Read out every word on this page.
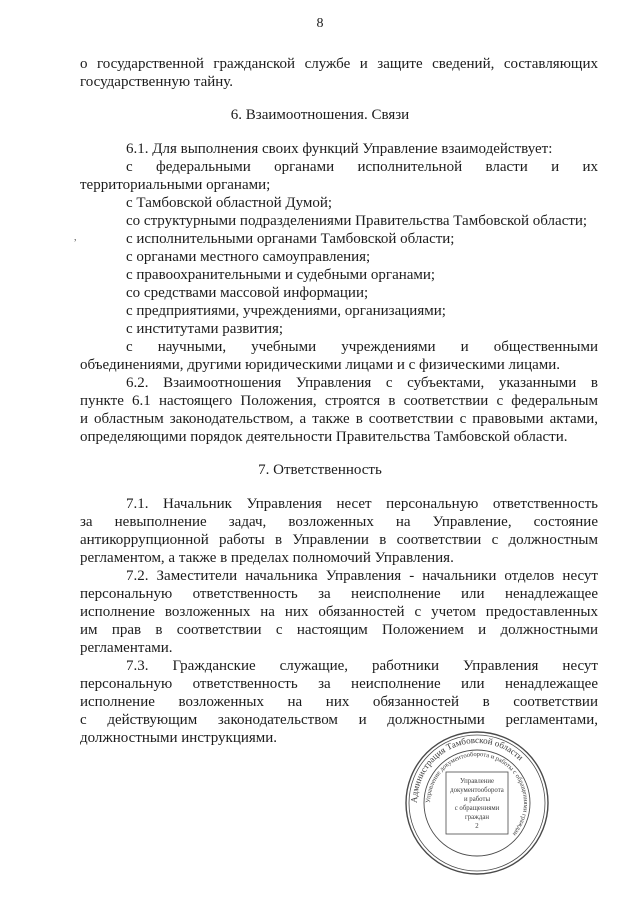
8
о государственной гражданской службе и защите сведений, составляющих
государственную тайну.
6. Взаимоотношения. Связи
6.1. Для выполнения своих функций Управление взаимодействует:
с федеральными органами исполнительной власти и их
территориальными органами;
с Тамбовской областной Думой;
со структурными подразделениями Правительства Тамбовской области;
с исполнительными органами Тамбовской области;
с органами местного самоуправления;
с правоохранительными и судебными органами;
со средствами массовой информации;
с предприятиями, учреждениями, организациями;
с институтами развития;
с научными, учебными учреждениями и общественными
объединениями, другими юридическими лицами и с физическими лицами.
6.2. Взаимоотношения Управления с субъектами, указанными в
пункте 6.1 настоящего Положения, строятся в соответствии с федеральным
и областным законодательством, а также в соответствии с правовыми актами,
определяющими порядок деятельности Правительства Тамбовской области.
7. Ответственность
7.1. Начальник Управления несет персональную ответственность
за невыполнение задач, возложенных на Управление, состояние
антикоррупционной работы в Управлении в соответствии с должностным
регламентом, а также в пределах полномочий Управления.
7.2. Заместители начальника Управления - начальники отделов несут
персональную ответственность за неисполнение или ненадлежащее
исполнение возложенных на них обязанностей с учетом предоставленных
им прав в соответствии с настоящим Положением и должностными
регламентами.
7.3. Гражданские служащие, работники Управления несут
персональную ответственность за неисполнение или ненадлежащее
исполнение возложенных на них обязанностей в соответствии
с действующим законодательством и должностными регламентами,
должностными инструкциями.
,
Администрация Тамбовской области
Управление документооборота и работы с обращениями граждан
Управление
документооборота
и работы
с обращениями
граждан
2
